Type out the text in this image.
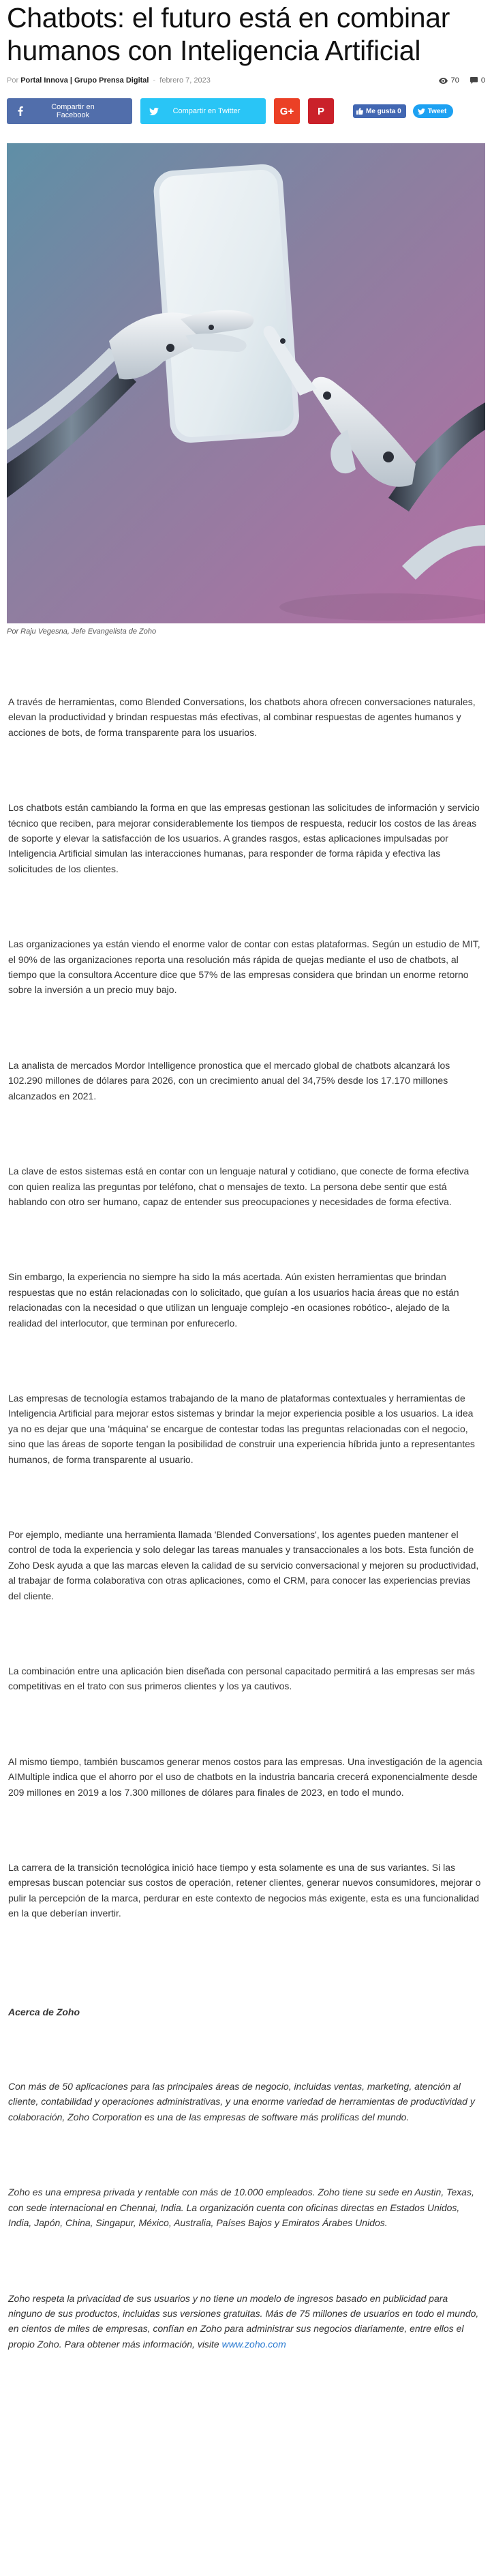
Chatbots: el futuro está en combinar humanos con Inteligencia Artificial
Por Portal Innova | Grupo Prensa Digital - febrero 7, 2023	70	0
Compartir en Facebook	Compartir en Twitter	G+ P	Me gusta 0	Tweet
Por Raju Vegesna, Jefe Evangelista de Zoho

A través de herramientas, como Blended Conversations, los chatbots ahora ofrecen conversaciones naturales, elevan la productividad y brindan respuestas más efectivas, al combinar respuestas de agentes humanos y acciones de bots, de forma transparente para los usuarios.

Los chatbots están cambiando la forma en que las empresas gestionan las solicitudes de información y servicio técnico que reciben, para mejorar considerablemente los tiempos de respuesta, reducir los costos de las áreas de soporte y elevar la satisfacción de los usuarios. A grandes rasgos, estas aplicaciones impulsadas por Inteligencia Artificial simulan las interacciones humanas, para responder de forma rápida y efectiva las solicitudes de los clientes.

Las organizaciones ya están viendo el enorme valor de contar con estas plataformas. Según un estudio de MIT, el 90% de las organizaciones reporta una resolución más rápida de quejas mediante el uso de chatbots, al tiempo que la consultora Accenture dice que 57% de las empresas considera que brindan un enorme retorno sobre la inversión a un precio muy bajo.

La analista de mercados Mordor Intelligence pronostica que el mercado global de chatbots alcanzará los 102.290 millones de dólares para 2026, con un crecimiento anual del 34,75% desde los 17.170 millones alcanzados en 2021.

La clave de estos sistemas está en contar con un lenguaje natural y cotidiano, que conecte de forma efectiva con quien realiza las preguntas por teléfono, chat o mensajes de texto. La persona debe sentir que está hablando con otro ser humano, capaz de entender sus preocupaciones y necesidades de forma efectiva.

Sin embargo, la experiencia no siempre ha sido la más acertada. Aún existen herramientas que brindan respuestas que no están relacionadas con lo solicitado, que guían a los usuarios hacia áreas que no están relacionadas con la necesidad o que utilizan un lenguaje complejo -en ocasiones robótico-, alejado de la realidad del interlocutor, que terminan por enfurecerlo.

Las empresas de tecnología estamos trabajando de la mano de plataformas contextuales y herramientas de Inteligencia Artificial para mejorar estos sistemas y brindar la mejor experiencia posible a los usuarios. La idea ya no es dejar que una 'máquina' se encargue de contestar todas las preguntas relacionadas con el negocio, sino que las áreas de soporte tengan la posibilidad de construir una experiencia híbrida junto a representantes humanos, de forma transparente al usuario.

Por ejemplo, mediante una herramienta llamada 'Blended Conversations', los agentes pueden mantener el control de toda la experiencia y solo delegar las tareas manuales y transaccionales a los bots. Esta función de Zoho Desk ayuda a que las marcas eleven la calidad de su servicio conversacional y mejoren su productividad, al trabajar de forma colaborativa con otras aplicaciones, como el CRM, para conocer las experiencias previas del cliente.

La combinación entre una aplicación bien diseñada con personal capacitado permitirá a las empresas ser más competitivas en el trato con sus primeros clientes y los ya cautivos.

Al mismo tiempo, también buscamos generar menos costos para las empresas. Una investigación de la agencia AIMultiple indica que el ahorro por el uso de chatbots en la industria bancaria crecerá exponencialmente desde 209 millones en 2019 a los 7.300 millones de dólares para finales de 2023, en todo el mundo.

La carrera de la transición tecnológica inició hace tiempo y esta solamente es una de sus variantes. Si las empresas buscan potenciar sus costos de operación, retener clientes, generar nuevos consumidores, mejorar o pulir la percepción de la marca, perdurar en este contexto de negocios más exigente, esta es una funcionalidad en la que deberían invertir.

Acerca de Zoho

Con más de 50 aplicaciones para las principales áreas de negocio, incluidas ventas, marketing, atención al cliente, contabilidad y operaciones administrativas, y una enorme variedad de herramientas de productividad y colaboración, Zoho Corporation es una de las empresas de software más prolíficas del mundo.

Zoho es una empresa privada y rentable con más de 10.000 empleados. Zoho tiene su sede en Austin, Texas, con sede internacional en Chennai, India. La organización cuenta con oficinas directas en Estados Unidos, India, Japón, China, Singapur, México, Australia, Países Bajos y Emiratos Árabes Unidos.

Zoho respeta la privacidad de sus usuarios y no tiene un modelo de ingresos basado en publicidad para ninguno de sus productos, incluidas sus versiones gratuitas. Más de 75 millones de usuarios en todo el mundo, en cientos de miles de empresas, confían en Zoho para administrar sus negocios diariamente, entre ellos el propio Zoho. Para obtener más información, visite www.zoho.com
